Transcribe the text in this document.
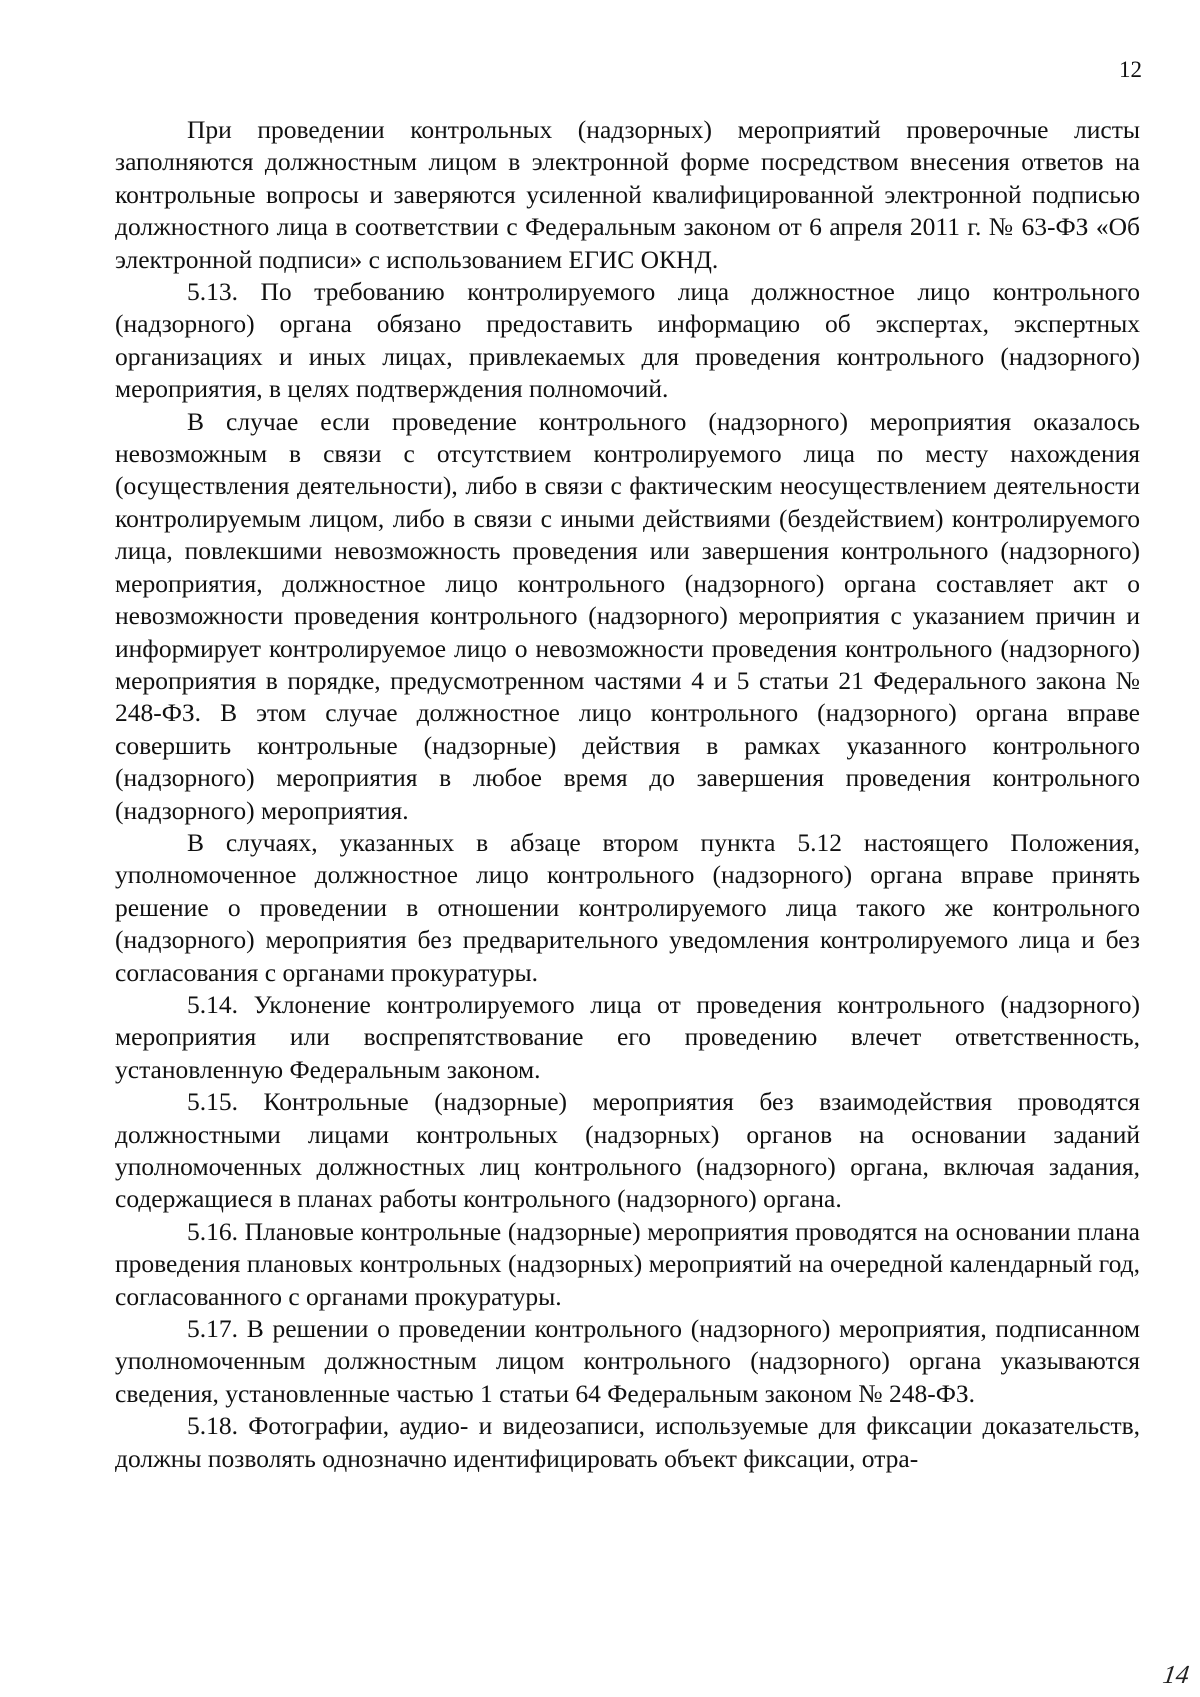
12

При проведении контрольных (надзорных) мероприятий проверочные листы заполняются должностным лицом в электронной форме посредством внесения ответов на контрольные вопросы и заверяются усиленной квалифицированной электронной подписью должностного лица в соответствии с Федеральным законом от 6 апреля 2011 г. № 63-ФЗ «Об электронной подписи» с использованием ЕГИС ОКНД.

5.13. По требованию контролируемого лица должностное лицо контрольного (надзорного) органа обязано предоставить информацию об экспертах, экспертных организациях и иных лицах, привлекаемых для проведения контрольного (надзорного) мероприятия, в целях подтверждения полномочий.

В случае если проведение контрольного (надзорного) мероприятия оказалось невозможным в связи с отсутствием контролируемого лица по месту нахождения (осуществления деятельности), либо в связи с фактическим неосуществлением деятельности контролируемым лицом, либо в связи с иными действиями (бездействием) контролируемого лица, повлекшими невозможность проведения или завершения контрольного (надзорного) мероприятия, должностное лицо контрольного (надзорного) органа составляет акт о невозможности проведения контрольного (надзорного) мероприятия с указанием причин и информирует контролируемое лицо о невозможности проведения контрольного (надзорного) мероприятия в порядке, предусмотренном частями 4 и 5 статьи 21 Федерального закона № 248-ФЗ. В этом случае должностное лицо контрольного (надзорного) органа вправе совершить контрольные (надзорные) действия в рамках указанного контрольного (надзорного) мероприятия в любое время до завершения проведения контрольного (надзорного) мероприятия.

В случаях, указанных в абзаце втором пункта 5.12 настоящего Положения, уполномоченное должностное лицо контрольного (надзорного) органа вправе принять решение о проведении в отношении контролируемого лица такого же контрольного (надзорного) мероприятия без предварительного уведомления контролируемого лица и без согласования с органами прокуратуры.

5.14. Уклонение контролируемого лица от проведения контрольного (надзорного) мероприятия или воспрепятствование его проведению влечет ответственность, установленную Федеральным законом.

5.15. Контрольные (надзорные) мероприятия без взаимодействия проводятся должностными лицами контрольных (надзорных) органов на основании заданий уполномоченных должностных лиц контрольного (надзорного) органа, включая задания, содержащиеся в планах работы контрольного (надзорного) органа.

5.16. Плановые контрольные (надзорные) мероприятия проводятся на основании плана проведения плановых контрольных (надзорных) мероприятий на очередной календарный год, согласованного с органами прокуратуры.

5.17. В решении о проведении контрольного (надзорного) мероприятия, подписанном уполномоченным должностным лицом контрольного (надзорного) органа указываются сведения, установленные частью 1 статьи 64 Федеральным законом № 248-ФЗ.

5.18. Фотографии, аудио- и видеозаписи, используемые для фиксации доказательств, должны позволять однозначно идентифицировать объект фиксации, отра-

14
